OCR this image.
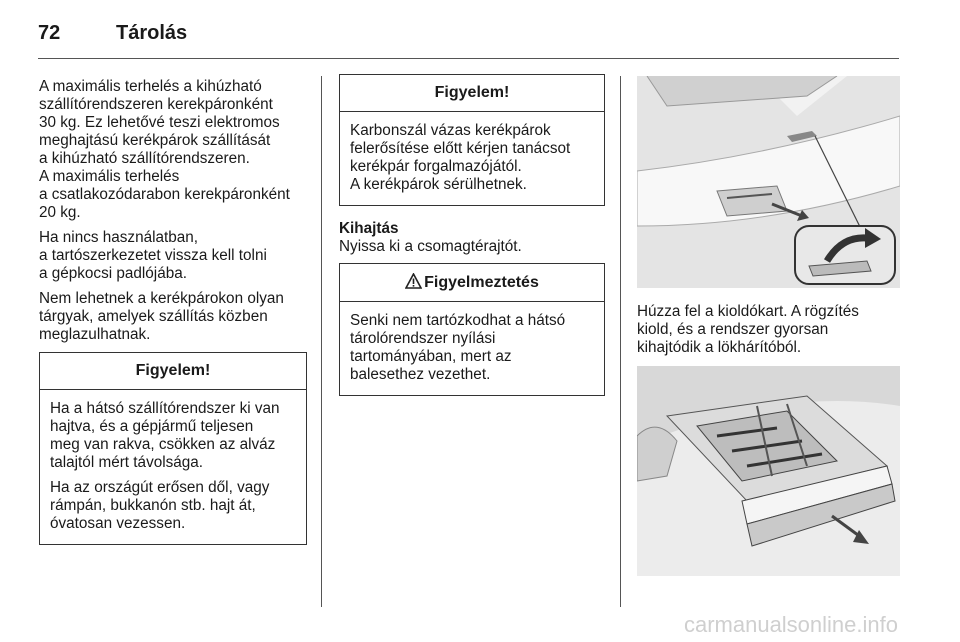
72	Tárolás

A maximális terhelés a kihúzható
szállítórendszeren kerekpáronként
30 kg. Ez lehetővé teszi elektromos
meghajtású kerékpárok szállítását
a kihúzható szállítórendszeren.
A maximális terhelés
a csatlakozódarabon kerekpáronként
20 kg.

Ha nincs használatban,
a tartószerkezetet vissza kell tolni
a gépkocsi padlójába.

Nem lehetnek a kerékpárokon olyan
tárgyak, amelyek szállítás közben
meglazulhatnak.

Figyelem!

Ha a hátsó szállítórendszer ki van
hajtva, és a gépjármű teljesen
meg van rakva, csökken az alváz
talajtól mért távolsága.

Ha az országút erősen dől, vagy
rámpán, bukkanón stb. hajt át,
óvatosan vezessen.

Figyelem!

Karbonszál vázas kerékpárok
felerősítése előtt kérjen tanácsot
kerékpár forgalmazójától.
A kerékpárok sérülhetnek.

Kihajtás

Nyissa ki a csomagtérajtót.

Figyelmeztetés

Senki nem tartózkodhat a hátsó
tárolórendszer nyílási
tartományában, mert az
balesethez vezethet.

Húzza fel a kioldókart. A rögzítés
kiold, és a rendszer gyorsan
kihajtódik a lökhárítóból.
carmanualsonline.info
